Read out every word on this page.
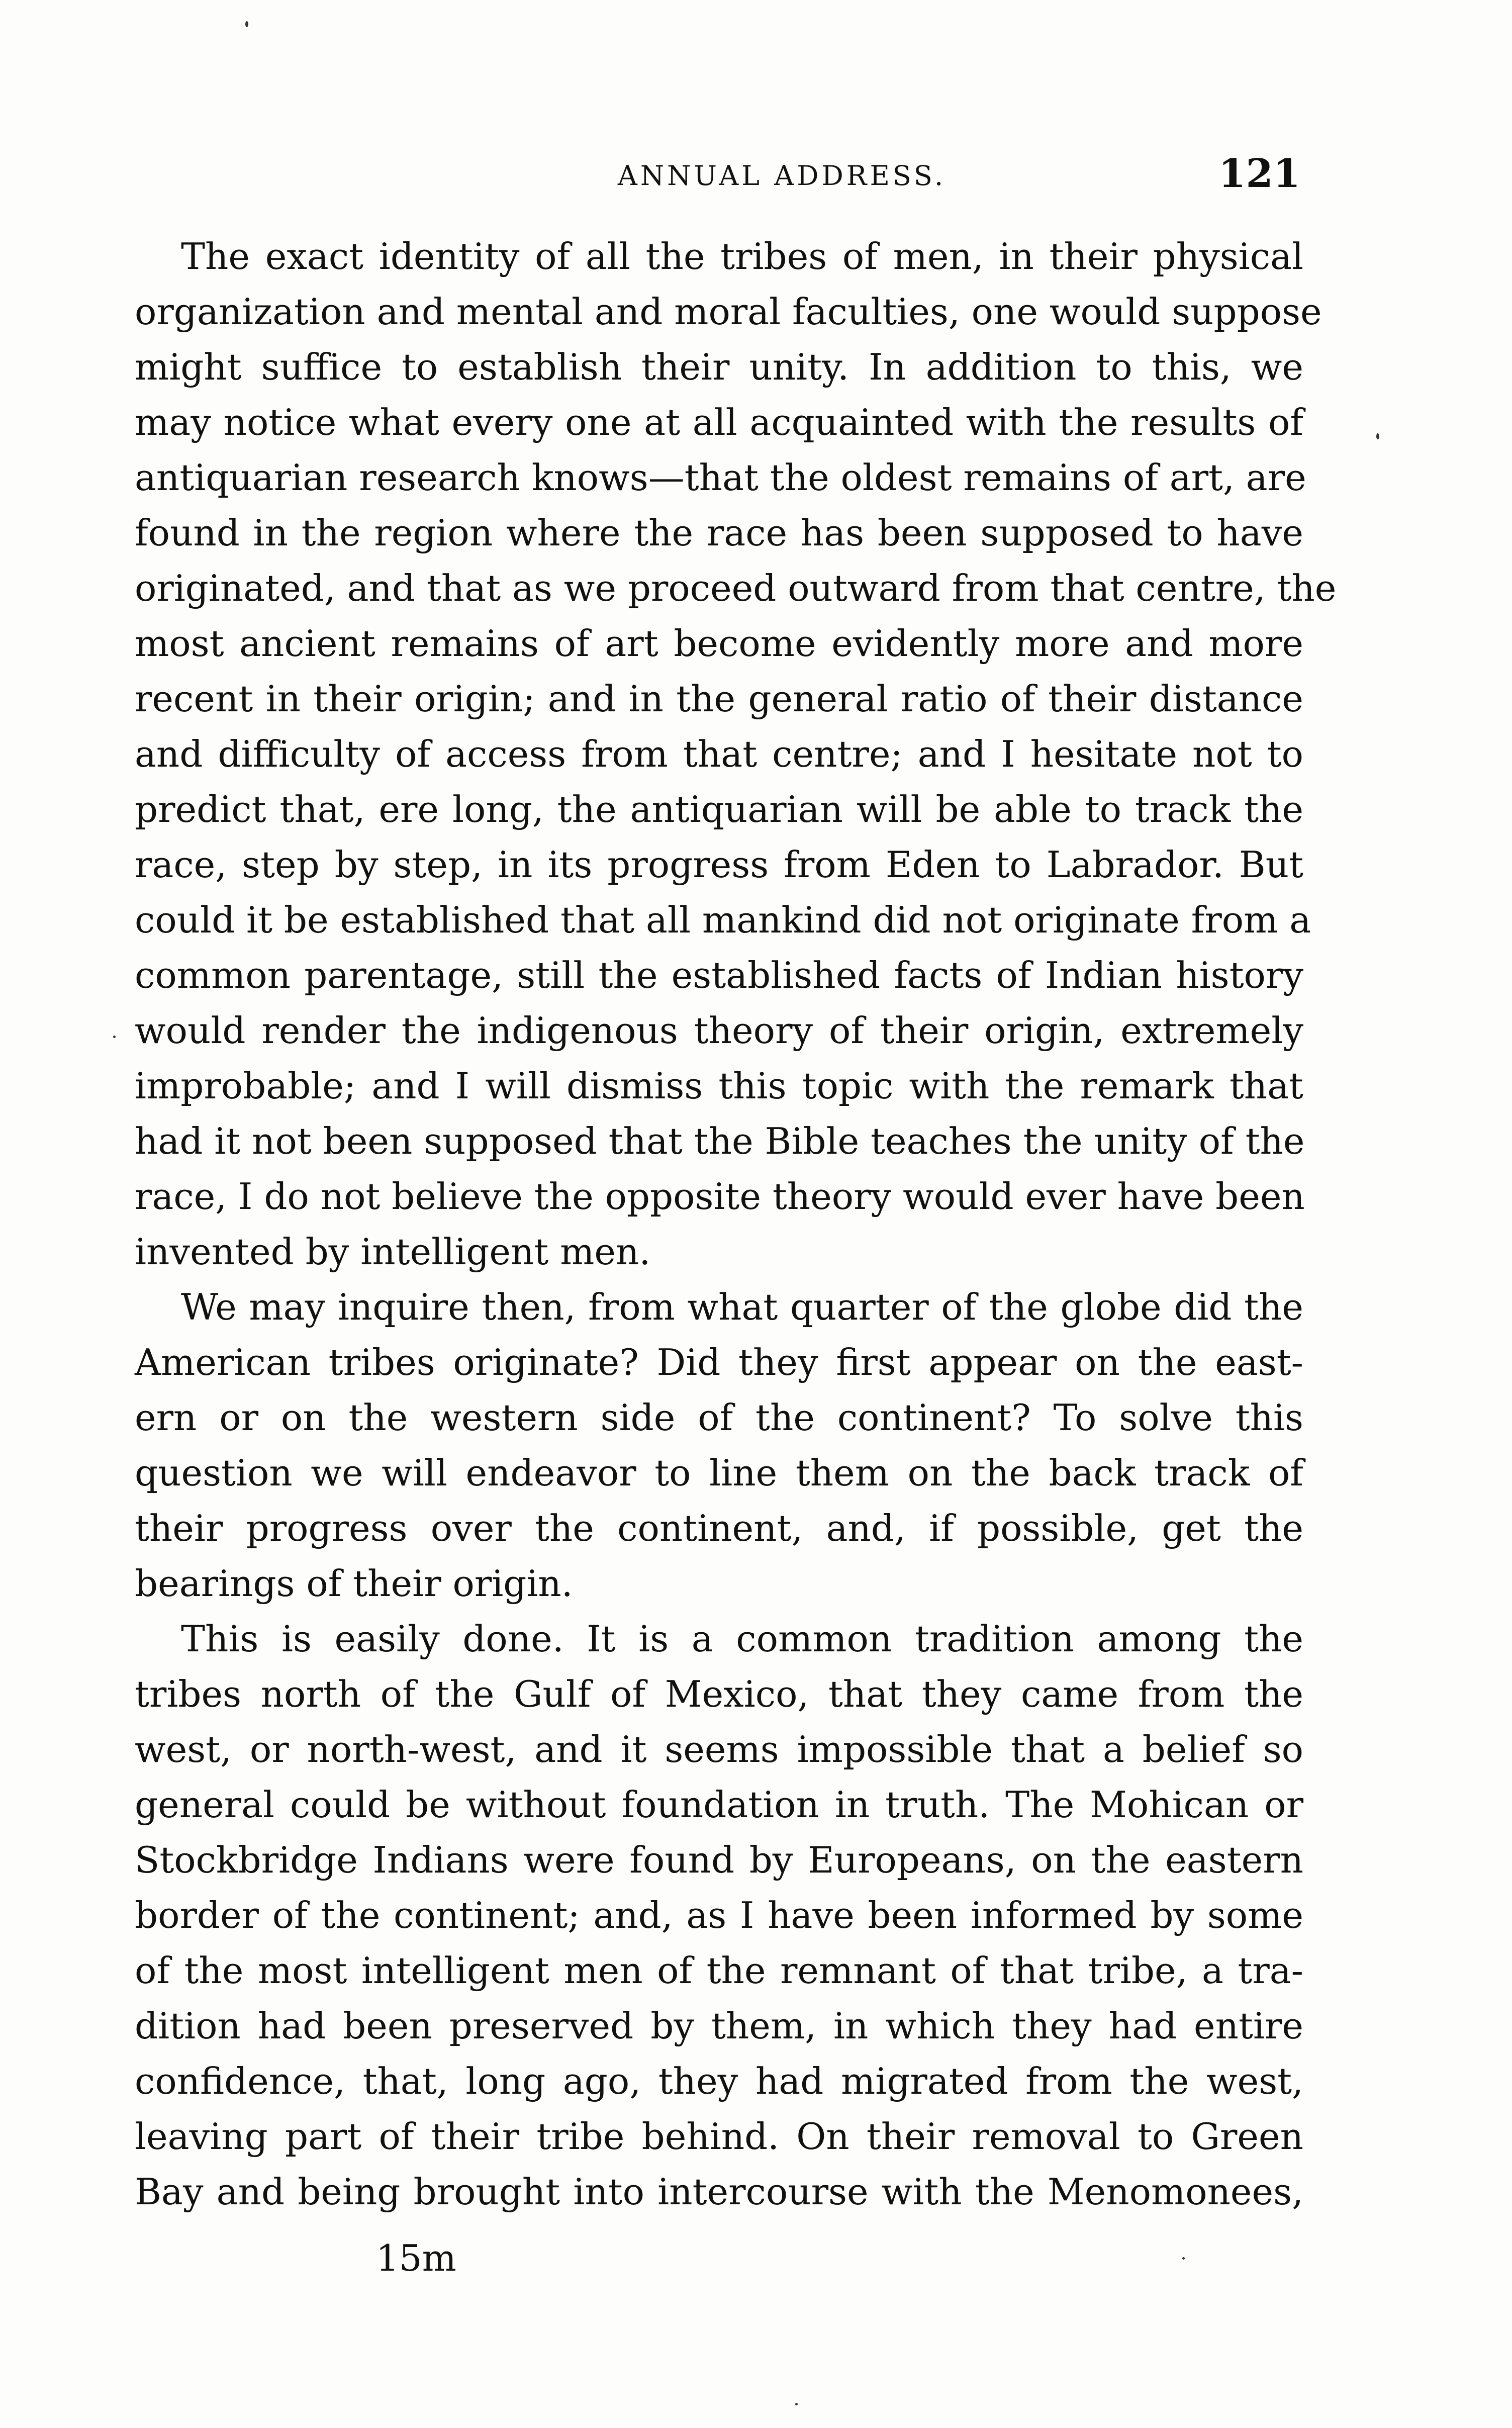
ANNUAL ADDRESS.	121
The exact identity of all the tribes of men, in their physical
organization and mental and moral faculties, one would suppose
might suffice to establish their unity. In addition to this, we
may notice what every one at all acquainted with the results of
antiquarian research knows—that the oldest remains of art, are
found in the region where the race has been supposed to have
originated, and that as we proceed outward from that centre, the
most ancient remains of art become evidently more and more
recent in their origin; and in the general ratio of their distance
and difficulty of access from that centre; and I hesitate not to
predict that, ere long, the antiquarian will be able to track the
race, step by step, in its progress from Eden to Labrador. But
could it be established that all mankind did not originate from a
common parentage, still the established facts of Indian history
would render the indigenous theory of their origin, extremely
improbable; and I will dismiss this topic with the remark that
had it not been supposed that the Bible teaches the unity of the
race, I do not believe the opposite theory would ever have been
invented by intelligent men.
We may inquire then, from what quarter of the globe did the
American tribes originate? Did they first appear on the east-
ern or on the western side of the continent? To solve this
question we will endeavor to line them on the back track of
their progress over the continent, and, if possible, get the
bearings of their origin.
This is easily done. It is a common tradition among the
tribes north of the Gulf of Mexico, that they came from the
west, or north-west, and it seems impossible that a belief so
general could be without foundation in truth. The Mohican or
Stockbridge Indians were found by Europeans, on the eastern
border of the continent; and, as I have been informed by some
of the most intelligent men of the remnant of that tribe, a tra-
dition had been preserved by them, in which they had entire
confidence, that, long ago, they had migrated from the west,
leaving part of their tribe behind. On their removal to Green
Bay and being brought into intercourse with the Menomonees,
15m
